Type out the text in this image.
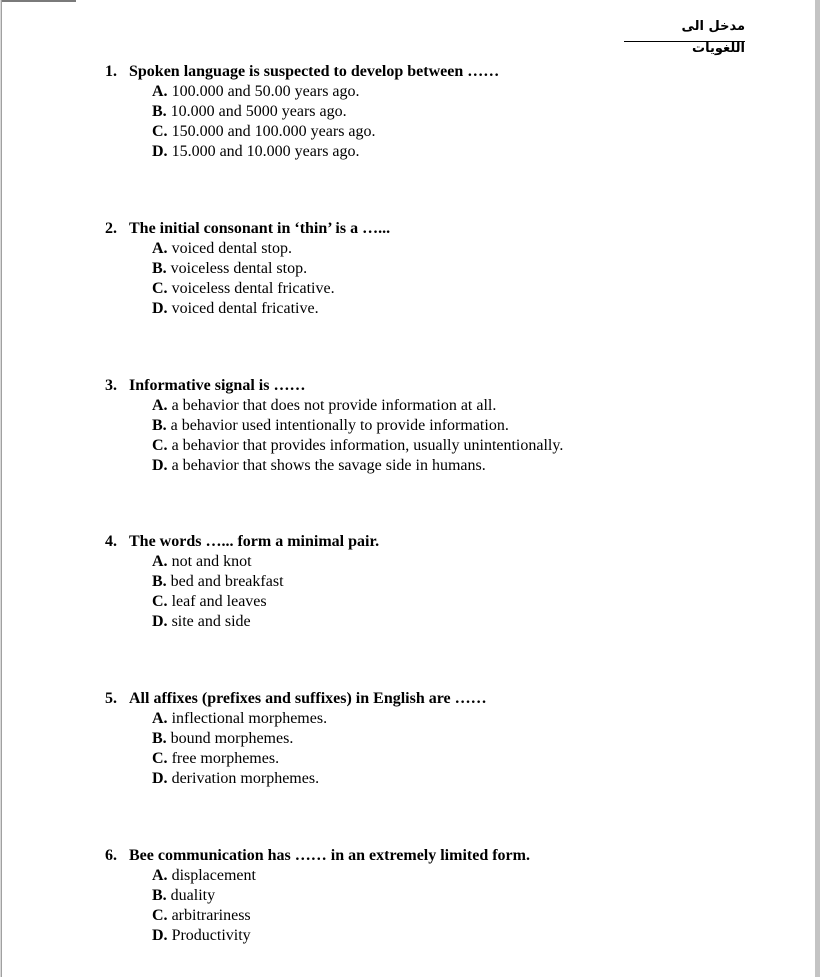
مدخل الى اللغويات
1. Spoken language is suspected to develop between ……
A. 100.000 and 50.00 years ago.
B. 10.000 and 5000 years ago.
C. 150.000 and 100.000 years ago.
D. 15.000 and 10.000 years ago.
2. The initial consonant in ‘thin’ is a …...
A. voiced dental stop.
B. voiceless dental stop.
C. voiceless dental fricative.
D. voiced dental fricative.
3. Informative signal is ……
A. a behavior that does not provide information at all.
B. a behavior used intentionally to provide information.
C. a behavior that provides information, usually unintentionally.
D. a behavior that shows the savage side in humans.
4. The words …... form a minimal pair.
A. not and knot
B. bed and breakfast
C. leaf and leaves
D. site and side
5. All affixes (prefixes and suffixes) in English are ……
A. inflectional morphemes.
B. bound morphemes.
C. free morphemes.
D. derivation morphemes.
6. Bee communication has …… in an extremely limited form.
A. displacement
B. duality
C. arbitrariness
D. Productivity
